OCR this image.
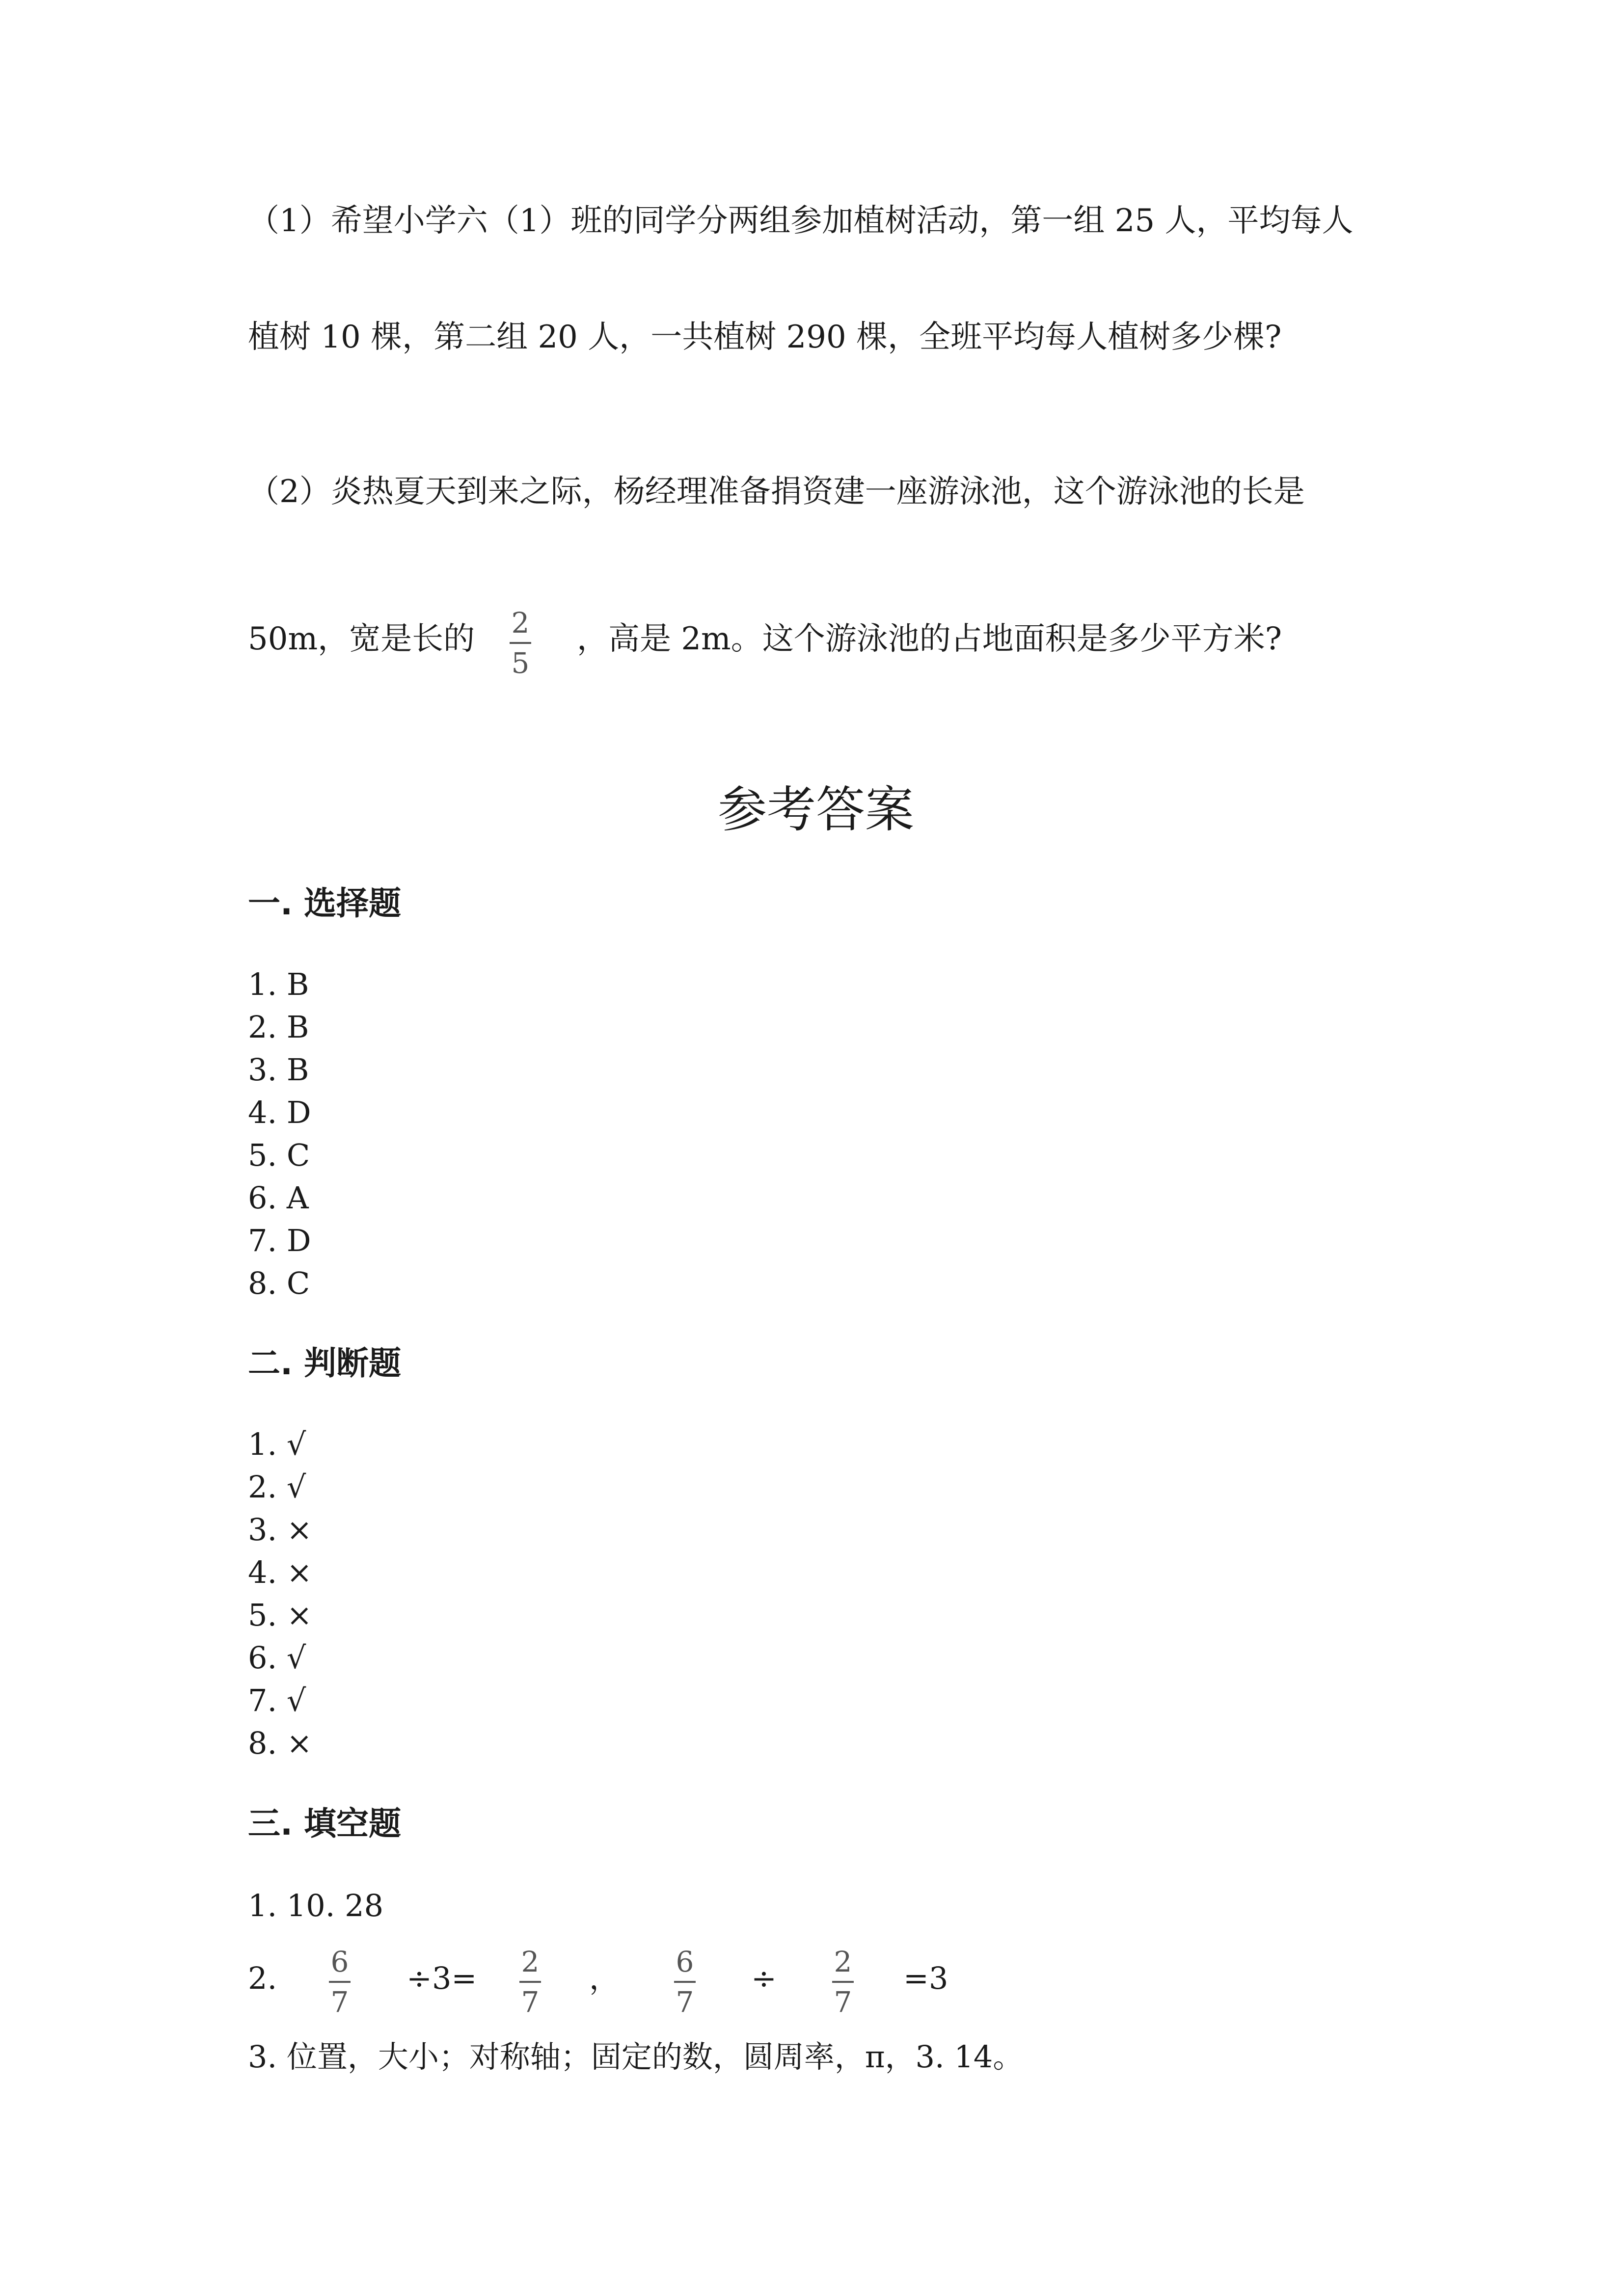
（1）希望小学六（1）班的同学分两组参加植树活动，第一组 25 人，平均每人
植树 10 棵，第二组 20 人，一共植树 290 棵，全班平均每人植树多少棵?
（2）炎热夏天到来之际，杨经理准备捐资建一座游泳池，这个游泳池的长是
50m，宽是长的 2
5
，高是 2m。这个游泳池的占地面积是多少平方米?
参考答案
一. 选择题
1. B
2. B
3. B
4. D
5. C
6. A
7. D
8. C
二. 判断题
1. √
2. √
3. ×
4. ×
5. ×
6. √
7. √
8. ×
三. 填空题
1. 10. 28
2. 6
7
÷3= 2
7
， 6
7
÷ 2
7
=3
3. 位置，大小；对称轴；固定的数，圆周率，π，3. 14。
